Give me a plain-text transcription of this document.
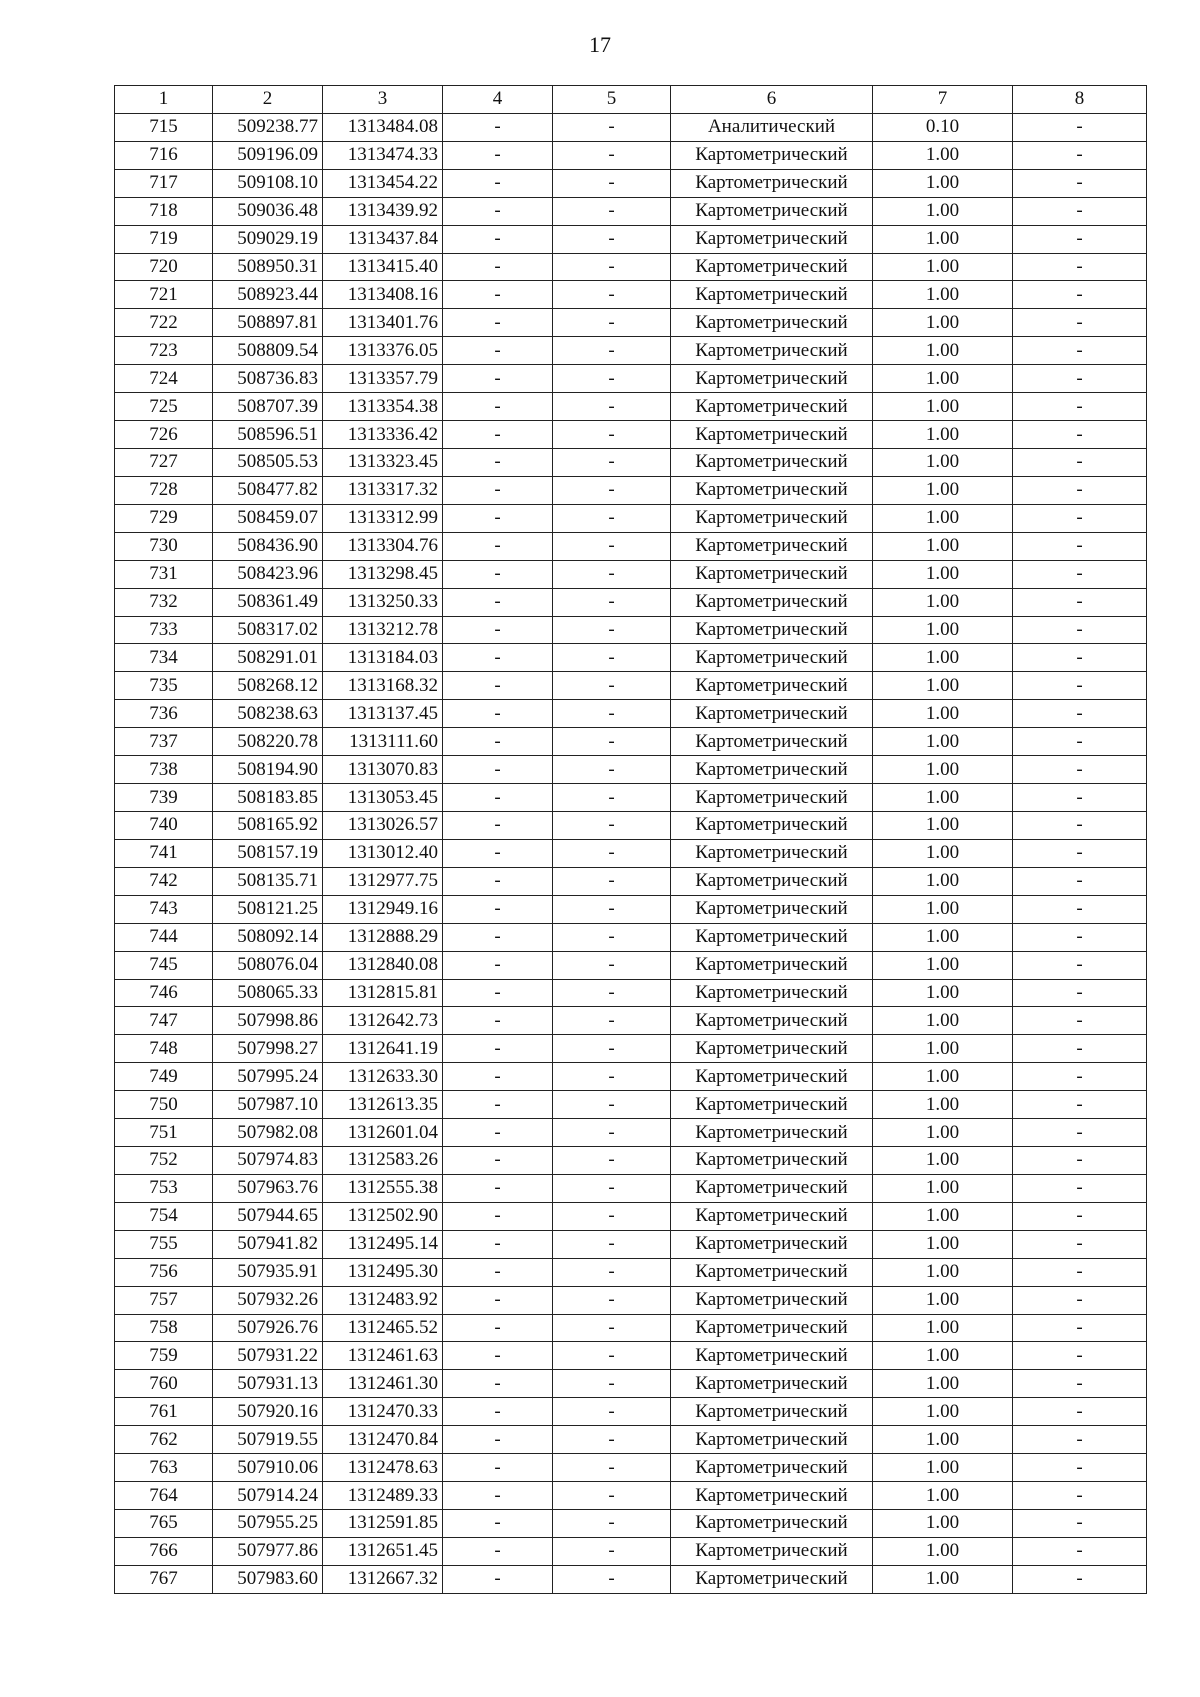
17
1	2	3	4	5	6	7	8
715	509238.77	1313484.08	-	-	Аналитический	0.10	-
716	509196.09	1313474.33	-	-	Картометрический	1.00	-
717	509108.10	1313454.22	-	-	Картометрический	1.00	-
718	509036.48	1313439.92	-	-	Картометрический	1.00	-
719	509029.19	1313437.84	-	-	Картометрический	1.00	-
720	508950.31	1313415.40	-	-	Картометрический	1.00	-
721	508923.44	1313408.16	-	-	Картометрический	1.00	-
722	508897.81	1313401.76	-	-	Картометрический	1.00	-
723	508809.54	1313376.05	-	-	Картометрический	1.00	-
724	508736.83	1313357.79	-	-	Картометрический	1.00	-
725	508707.39	1313354.38	-	-	Картометрический	1.00	-
726	508596.51	1313336.42	-	-	Картометрический	1.00	-
727	508505.53	1313323.45	-	-	Картометрический	1.00	-
728	508477.82	1313317.32	-	-	Картометрический	1.00	-
729	508459.07	1313312.99	-	-	Картометрический	1.00	-
730	508436.90	1313304.76	-	-	Картометрический	1.00	-
731	508423.96	1313298.45	-	-	Картометрический	1.00	-
732	508361.49	1313250.33	-	-	Картометрический	1.00	-
733	508317.02	1313212.78	-	-	Картометрический	1.00	-
734	508291.01	1313184.03	-	-	Картометрический	1.00	-
735	508268.12	1313168.32	-	-	Картометрический	1.00	-
736	508238.63	1313137.45	-	-	Картометрический	1.00	-
737	508220.78	1313111.60	-	-	Картометрический	1.00	-
738	508194.90	1313070.83	-	-	Картометрический	1.00	-
739	508183.85	1313053.45	-	-	Картометрический	1.00	-
740	508165.92	1313026.57	-	-	Картометрический	1.00	-
741	508157.19	1313012.40	-	-	Картометрический	1.00	-
742	508135.71	1312977.75	-	-	Картометрический	1.00	-
743	508121.25	1312949.16	-	-	Картометрический	1.00	-
744	508092.14	1312888.29	-	-	Картометрический	1.00	-
745	508076.04	1312840.08	-	-	Картометрический	1.00	-
746	508065.33	1312815.81	-	-	Картометрический	1.00	-
747	507998.86	1312642.73	-	-	Картометрический	1.00	-
748	507998.27	1312641.19	-	-	Картометрический	1.00	-
749	507995.24	1312633.30	-	-	Картометрический	1.00	-
750	507987.10	1312613.35	-	-	Картометрический	1.00	-
751	507982.08	1312601.04	-	-	Картометрический	1.00	-
752	507974.83	1312583.26	-	-	Картометрический	1.00	-
753	507963.76	1312555.38	-	-	Картометрический	1.00	-
754	507944.65	1312502.90	-	-	Картометрический	1.00	-
755	507941.82	1312495.14	-	-	Картометрический	1.00	-
756	507935.91	1312495.30	-	-	Картометрический	1.00	-
757	507932.26	1312483.92	-	-	Картометрический	1.00	-
758	507926.76	1312465.52	-	-	Картометрический	1.00	-
759	507931.22	1312461.63	-	-	Картометрический	1.00	-
760	507931.13	1312461.30	-	-	Картометрический	1.00	-
761	507920.16	1312470.33	-	-	Картометрический	1.00	-
762	507919.55	1312470.84	-	-	Картометрический	1.00	-
763	507910.06	1312478.63	-	-	Картометрический	1.00	-
764	507914.24	1312489.33	-	-	Картометрический	1.00	-
765	507955.25	1312591.85	-	-	Картометрический	1.00	-
766	507977.86	1312651.45	-	-	Картометрический	1.00	-
767	507983.60	1312667.32	-	-	Картометрический	1.00	-
